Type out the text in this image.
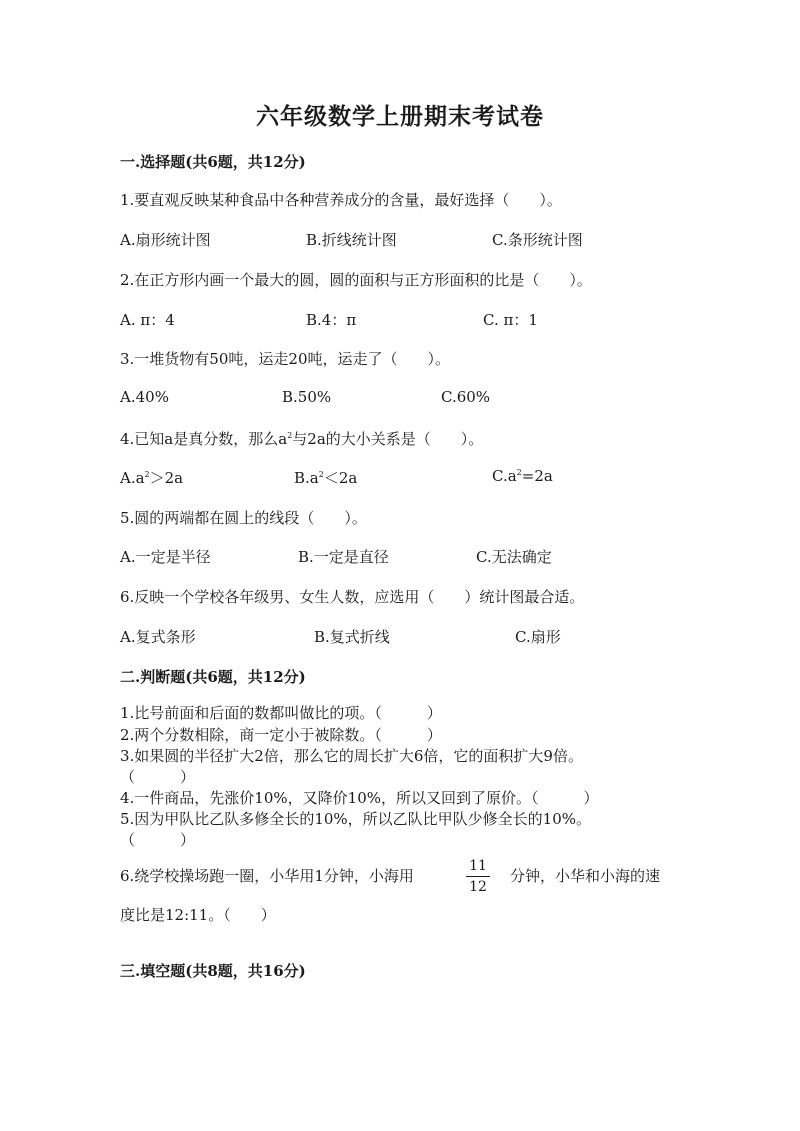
六年级数学上册期末考试卷
一.选择题(共6题，共12分)
1.要直观反映某种食品中各种营养成分的含量，最好选择（　　）。
A.扇形统计图	B.折线统计图	C.条形统计图
2.在正方形内画一个最大的圆，圆的面积与正方形面积的比是（　　）。
A. π：4	B.4：π	C. π：1
3.一堆货物有50吨，运走20吨，运走了（　　）。
A.40%	B.50%	C.60%
4.已知a是真分数，那么$a^2$与2a的大小关系是（　　）。
$A.a^2>2a$	$B.a^2<2a$	$C.a^2=2a$
5.圆的两端都在圆上的线段（　　）。
A.一定是半径	B.一定是直径	C.无法确定
6.反映一个学校各年级男、女生人数，应选用（　　）统计图最合适。
A.复式条形	B.复式折线	C.扇形
二.判断题(共6题，共12分)
1.比号前面和后面的数都叫做比的项。（　　　）
2.两个分数相除，商一定小于被除数。（　　　）
3.如果圆的半径扩大2倍，那么它的周长扩大6倍，它的面积扩大9倍。
（　　　）
4.一件商品，先涨价10%，又降价10%，所以又回到了原价。（　　　）
5.因为甲队比乙队多修全长的10%，所以乙队比甲队少修全长的10%。
（　　　）
6.绕学校操场跑一圈，小华用1分钟，小海用
11
12
分钟，小华和小海的速
度比是12:11。（　　）
三.填空题(共8题，共16分)
